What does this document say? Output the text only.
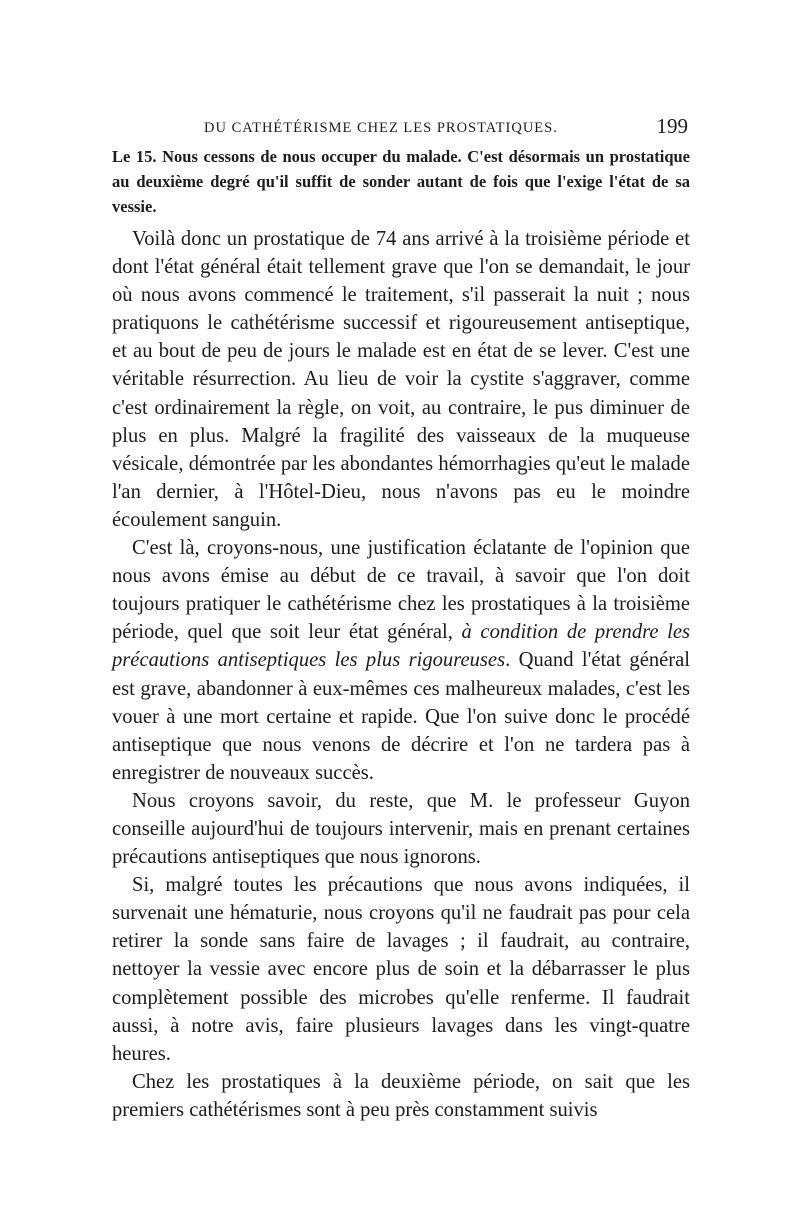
DU CATHÉTÉRISME CHEZ LES PROSTATIQUES.	199

Le 15. Nous cessons de nous occuper du malade. C'est désormais un prostatique au deuxième degré qu'il suffit de sonder autant de fois que l'exige l'état de sa vessie.

Voilà donc un prostatique de 74 ans arrivé à la troisième période et dont l'état général était tellement grave que l'on se demandait, le jour où nous avons commencé le traitement, s'il passerait la nuit ; nous pratiquons le cathétérisme successif et rigoureusement antiseptique, et au bout de peu de jours le malade est en état de se lever. C'est une véritable résurrection. Au lieu de voir la cystite s'aggraver, comme c'est ordinairement la règle, on voit, au contraire, le pus diminuer de plus en plus. Malgré la fragilité des vaisseaux de la muqueuse vésicale, démontrée par les abondantes hémorrhagies qu'eut le malade l'an dernier, à l'Hôtel-Dieu, nous n'avons pas eu le moindre écoulement sanguin.

C'est là, croyons-nous, une justification éclatante de l'opinion que nous avons émise au début de ce travail, à savoir que l'on doit toujours pratiquer le cathétérisme chez les prostatiques à la troisième période, quel que soit leur état général, à condition de prendre les précautions antiseptiques les plus rigoureuses. Quand l'état général est grave, abandonner à eux-mêmes ces malheureux malades, c'est les vouer à une mort certaine et rapide. Que l'on suive donc le procédé antiseptique que nous venons de décrire et l'on ne tardera pas à enregistrer de nouveaux succès.

Nous croyons savoir, du reste, que M. le professeur Guyon conseille aujourd'hui de toujours intervenir, mais en prenant certaines précautions antiseptiques que nous ignorons.

Si, malgré toutes les précautions que nous avons indiquées, il survenait une hématurie, nous croyons qu'il ne faudrait pas pour cela retirer la sonde sans faire de lavages ; il faudrait, au contraire, nettoyer la vessie avec encore plus de soin et la débarrasser le plus complètement possible des microbes qu'elle renferme. Il faudrait aussi, à notre avis, faire plusieurs lavages dans les vingt-quatre heures.

Chez les prostatiques à la deuxième période, on sait que les premiers cathétérismes sont à peu près constamment suivis
